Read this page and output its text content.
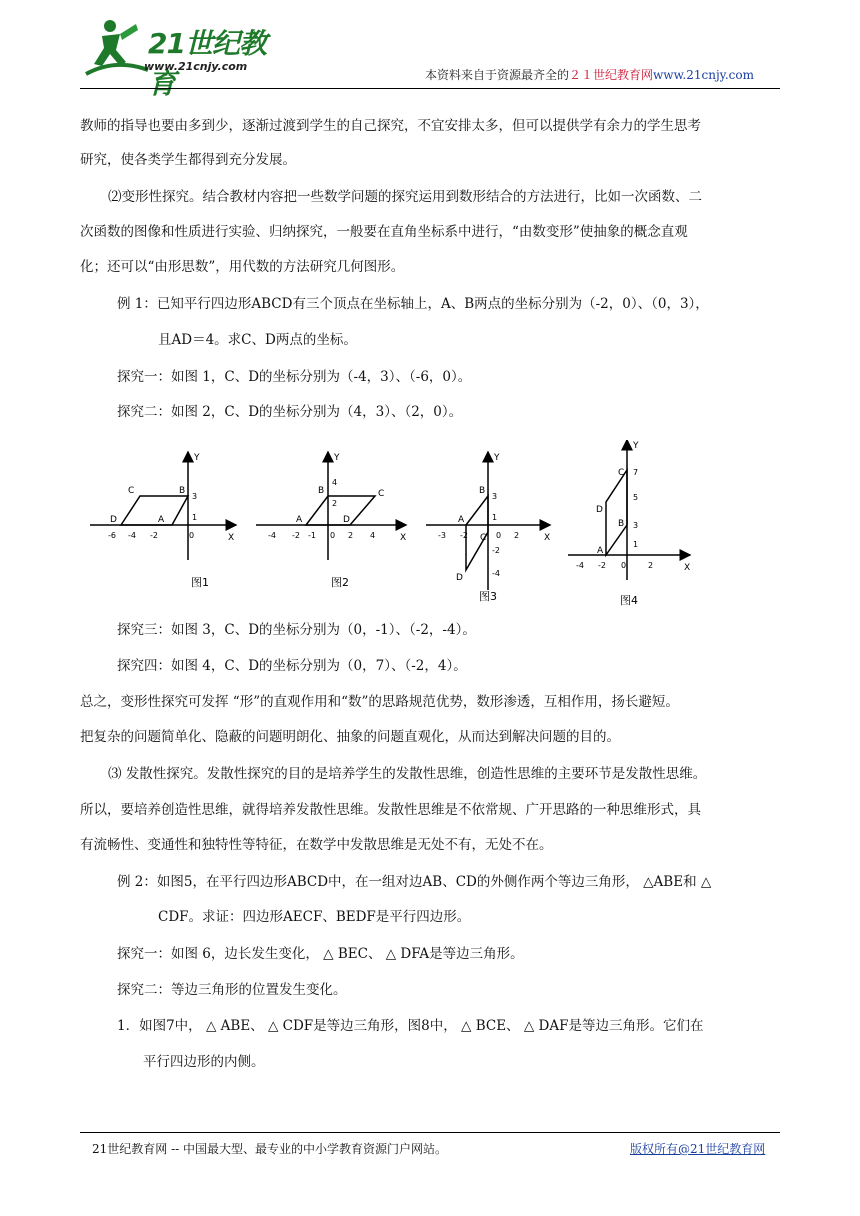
21世纪教育
www.21cnjy.com
本资料来自于资源最齐全的２１世纪教育网www.21cnjy.com
教师的指导也要由多到少，逐渐过渡到学生的自己探究，不宜安排太多，但可以提供学有余力的学生思考
研究，使各类学生都得到充分发展。
⑵变形性探究。结合教材内容把一些数学问题的探究运用到数形结合的方法进行，比如一次函数、二
次函数的图像和性质进行实验、归纳探究，一般要在直角坐标系中进行，“由数变形”使抽象的概念直观
化；还可以“由形思数”，用代数的方法研究几何图形。
例 1：已知平行四边形ABCD有三个顶点在坐标轴上，A、B两点的坐标分别为（-2，0）、（0，3），
且AD＝4。求C、D两点的坐标。
探究一：如图 1，C、D的坐标分别为（-4，3）、（-6，0）。
探究二：如图 2，C、D的坐标分别为（4，3）、（2，0）。
Y
X
C	B
D	A
3
1
-6 -4 -2	0
图1
Y
X
B	C
A	D
4
2
-4 -2 -1 0 2 4
图2
Y
X
B
A
C
D
3
1
-3 -2	0 2
-2
-4
图3
Y
X
C
D
B
A
7
5
3
1
-4 -2 0	2
图4
探究三：如图 3，C、D的坐标分别为（0，-1）、（-2，-4）。
探究四：如图 4，C、D的坐标分别为（0，7）、（-2，4）。
总之，变形性探究可发挥 “形”的直观作用和“数”的思路规范优势，数形渗透，互相作用，扬长避短。
把复杂的问题简单化、隐蔽的问题明朗化、抽象的问题直观化，从而达到解决问题的目的。
⑶ 发散性探究。发散性探究的目的是培养学生的发散性思维，创造性思维的主要环节是发散性思维。
所以，要培养创造性思维，就得培养发散性思维。发散性思维是不依常规、广开思路的一种思维形式，具
有流畅性、变通性和独特性等特征，在数学中发散思维是无处不有，无处不在。
例 2：如图5，在平行四边形ABCD中，在一组对边AB、CD的外侧作两个等边三角形， △ABE和 △
CDF。求证：四边形AECF、BEDF是平行四边形。
探究一：如图 6，边长发生变化， △ BEC、 △ DFA是等边三角形。
探究二：等边三角形的位置发生变化。
1．如图7中， △ ABE、 △ CDF是等边三角形，图8中， △ BCE、 △ DAF是等边三角形。它们在
平行四边形的内侧。
21世纪教育网 -- 中国最大型、最专业的中小学教育资源门户网站。	版权所有@21世纪教育网
